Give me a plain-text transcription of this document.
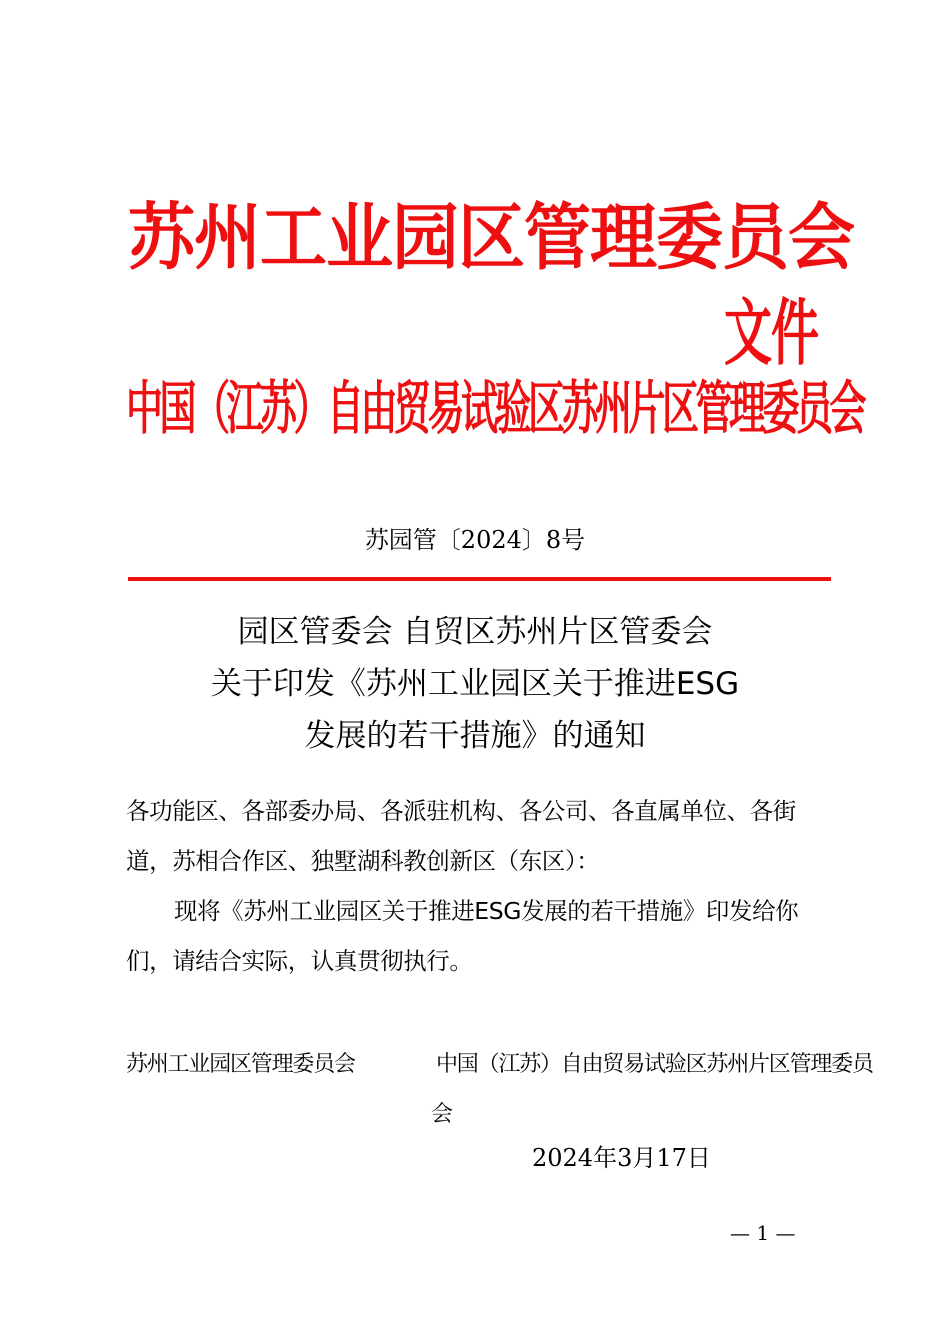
苏州工业园区管理委员会
中国（江苏）自由贸易试验区苏州片区管理委员会
文件
苏园管〔2024〕8号
园区管委会 自贸区苏州片区管委会
关于印发《苏州工业园区关于推进ESG
发展的若干措施》的通知
各功能区、各部委办局、各派驻机构、各公司、各直属单位、各街道，苏相合作区、独墅湖科教创新区（东区）：
现将《苏州工业园区关于推进ESG发展的若干措施》印发给你们，请结合实际，认真贯彻执行。
苏州工业园区管理委员会	中国（江苏）自由贸易试验区苏州片区管理委员
会
2024年3月17日
— 1 —
